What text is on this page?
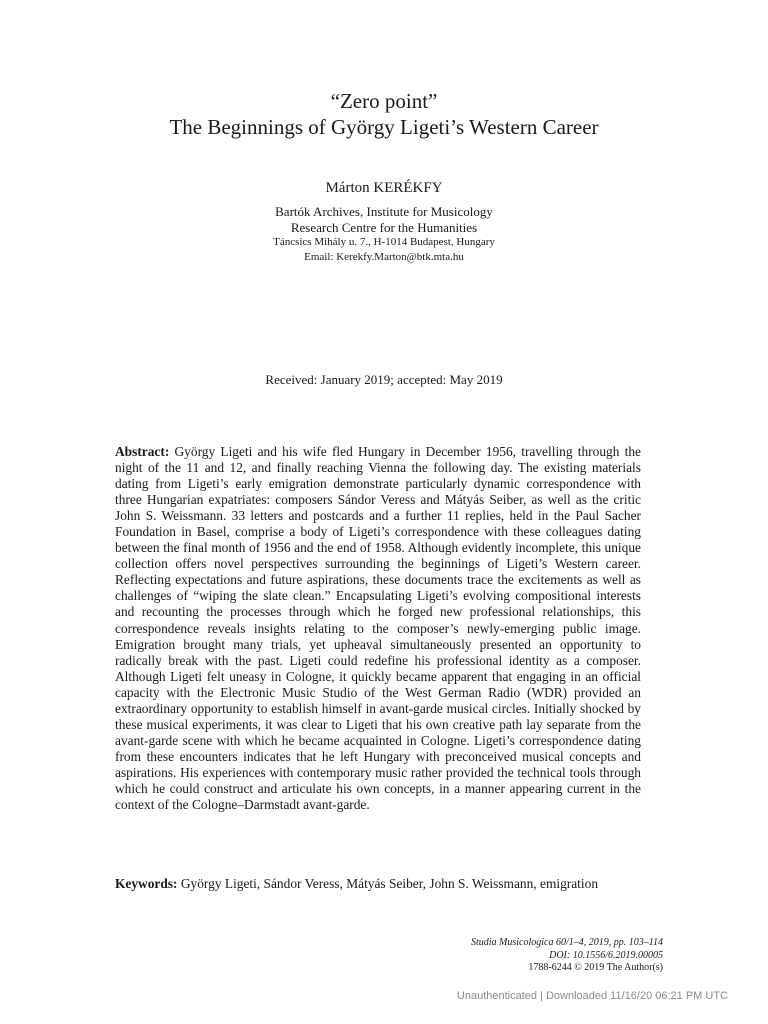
“Zero point”

The Beginnings of György Ligeti’s Western Career

Márton KERÉKFY

Bartók Archives, Institute for Musicology

Research Centre for the Humanities

Táncsics Mihály u. 7., H-1014 Budapest, Hungary

Email: Kerekfy.Marton@btk.mta.hu

Received: January 2019; accepted: May 2019

Abstract: György Ligeti and his wife fled Hungary in December 1956, travelling through the night of the 11 and 12, and finally reaching Vienna the following day. The existing materials dating from Ligeti’s early emigration demonstrate particularly dynamic correspondence with three Hungarian expatriates: composers Sándor Veress and Mátyás Seiber, as well as the critic John S. Weissmann. 33 letters and postcards and a further 11 replies, held in the Paul Sacher Foundation in Basel, comprise a body of Ligeti’s correspondence with these colleagues dating between the final month of 1956 and the end of 1958. Although evidently incomplete, this unique collection offers novel perspectives surrounding the beginnings of Ligeti’s Western career. Reflecting expectations and future aspirations, these documents trace the excitements as well as challenges of “wiping the slate clean.” Encapsulating Ligeti’s evolving compositional interests and recounting the processes through which he forged new professional relationships, this correspondence reveals insights relating to the composer’s newly-emerging public image. Emigration brought many trials, yet upheaval simultaneously presented an opportunity to radically break with the past. Ligeti could redefine his professional identity as a composer. Although Ligeti felt uneasy in Cologne, it quickly became apparent that engaging in an official capacity with the Electronic Music Studio of the West German Radio (WDR) provided an extraordinary opportunity to establish himself in avant-garde musical circles. Initially shocked by these musical experiments, it was clear to Ligeti that his own creative path lay separate from the avant-garde scene with which he became acquainted in Cologne. Ligeti’s correspondence dating from these encounters indicates that he left Hungary with preconceived musical concepts and aspirations. His experiences with contemporary music rather provided the technical tools through which he could construct and articulate his own concepts, in a manner appearing current in the context of the Cologne–Darmstadt avant-garde.

Keywords: György Ligeti, Sándor Veress, Mátyás Seiber, John S. Weissmann, emigration

Studia Musicologica 60/1–4, 2019, pp. 103–114
DOI: 10.1556/6.2019.00005
1788-6244 © 2019 The Author(s)
Unauthenticated | Downloaded 11/16/20 06:21 PM UTC
